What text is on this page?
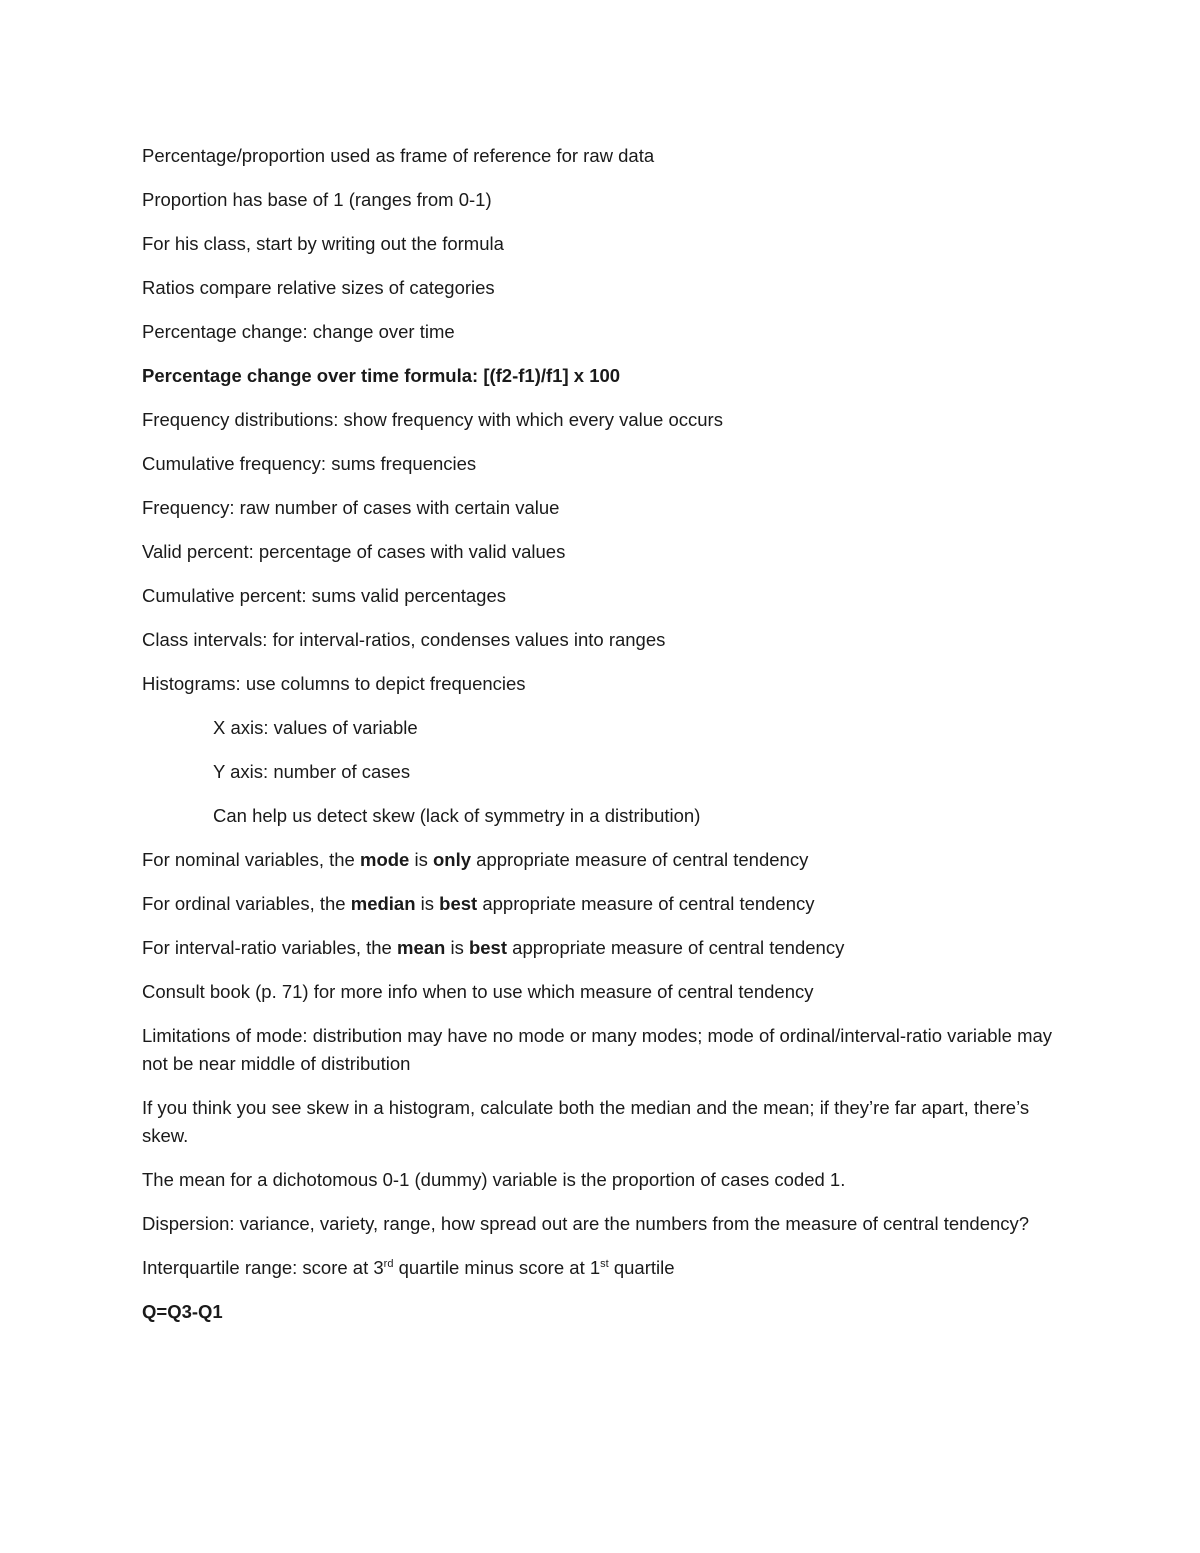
Percentage/proportion used as frame of reference for raw data

Proportion has base of 1 (ranges from 0-1)

For his class, start by writing out the formula

Ratios compare relative sizes of categories

Percentage change: change over time

Percentage change over time formula: [(f2-f1)/f1] x 100

Frequency distributions: show frequency with which every value occurs

Cumulative frequency: sums frequencies

Frequency: raw number of cases with certain value

Valid percent: percentage of cases with valid values

Cumulative percent: sums valid percentages

Class intervals: for interval-ratios, condenses values into ranges

Histograms: use columns to depict frequencies

X axis: values of variable

Y axis: number of cases

Can help us detect skew (lack of symmetry in a distribution)

For nominal variables, the mode is only appropriate measure of central tendency

For ordinal variables, the median is best appropriate measure of central tendency

For interval-ratio variables, the mean is best appropriate measure of central tendency

Consult book (p. 71) for more info when to use which measure of central tendency

Limitations of mode: distribution may have no mode or many modes; mode of ordinal/interval-ratio variable may not be near middle of distribution

If you think you see skew in a histogram, calculate both the median and the mean; if they’re far apart, there’s skew.

The mean for a dichotomous 0-1 (dummy) variable is the proportion of cases coded 1.

Dispersion: variance, variety, range, how spread out are the numbers from the measure of central tendency?

Interquartile range: score at 3rd quartile minus score at 1st quartile

Q=Q3-Q1
